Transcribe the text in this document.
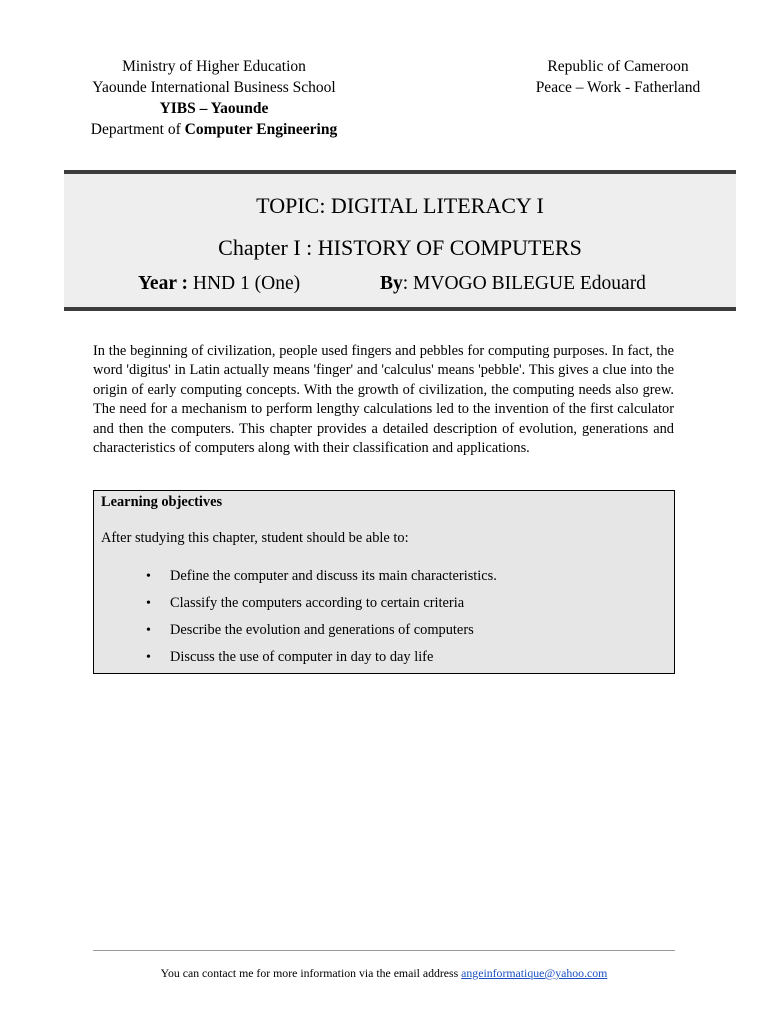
Ministry of Higher Education
Yaounde International Business School
YIBS – Yaounde
Department of Computer Engineering
Republic of Cameroon
Peace – Work - Fatherland
TOPIC: DIGITAL LITERACY I
Chapter I : HISTORY OF COMPUTERS
Year : HND 1 (One)	By: MVOGO BILEGUE Edouard

In the beginning of civilization, people used fingers and pebbles for computing purposes. In fact, the word 'digitus' in Latin actually means 'finger' and 'calculus' means 'pebble'. This gives a clue into the origin of early computing concepts. With the growth of civilization, the computing needs also grew. The need for a mechanism to perform lengthy calculations led to the invention of the first calculator and then the computers. This chapter provides a detailed description of evolution, generations and characteristics of computers along with their classification and applications.

Learning objectives
After studying this chapter, student should be able to:
• Define the computer and discuss its main characteristics.
• Classify the computers according to certain criteria
• Describe the evolution and generations of computers
• Discuss the use of computer in day to day life
You can contact me for more information via the email address angeinformatique@yahoo.com
